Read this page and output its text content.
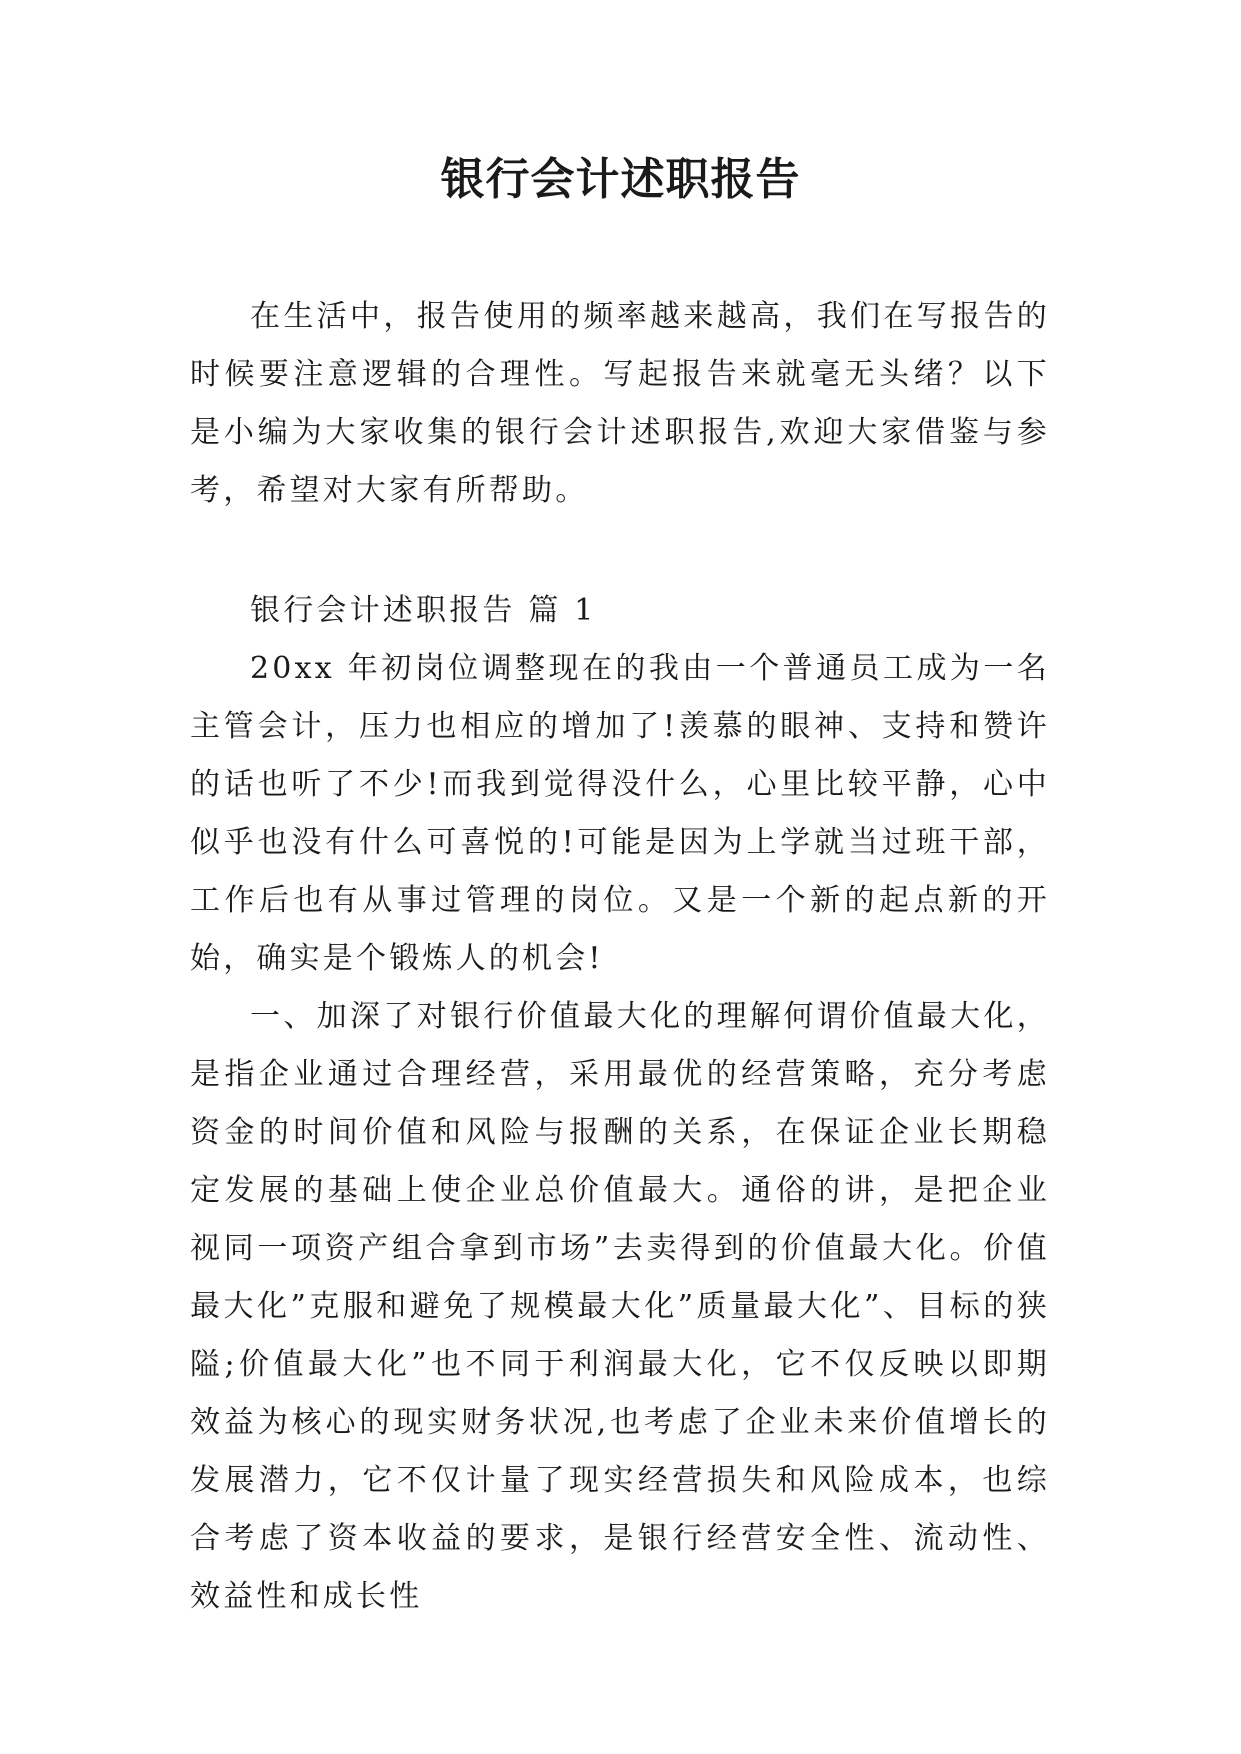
银行会计述职报告

在生活中，报告使用的频率越来越高，我们在写报告的时候要注意逻辑的合理性。写起报告来就毫无头绪？以下是小编为大家收集的银行会计述职报告,欢迎大家借鉴与参考，希望对大家有所帮助。

银行会计述职报告 篇 1

20xx 年初岗位调整现在的我由一个普通员工成为一名主管会计，压力也相应的增加了!羡慕的眼神、支持和赞许的话也听了不少!而我到觉得没什么，心里比较平静，心中似乎也没有什么可喜悦的!可能是因为上学就当过班干部，工作后也有从事过管理的岗位。又是一个新的起点新的开始，确实是个锻炼人的机会!

一、加深了对银行价值最大化的理解何谓价值最大化，是指企业通过合理经营，采用最优的经营策略，充分考虑资金的时间价值和风险与报酬的关系，在保证企业长期稳定发展的基础上使企业总价值最大。通俗的讲，是把企业视同一项资产组合拿到市场”去卖得到的价值最大化。价值最大化”克服和避免了规模最大化”质量最大化”、目标的狭隘;价值最大化”也不同于利润最大化，它不仅反映以即期效益为核心的现实财务状况,也考虑了企业未来价值增长的发展潜力，它不仅计量了现实经营损失和风险成本，也综合考虑了资本收益的要求，是银行经营安全性、流动性、效益性和成长性
